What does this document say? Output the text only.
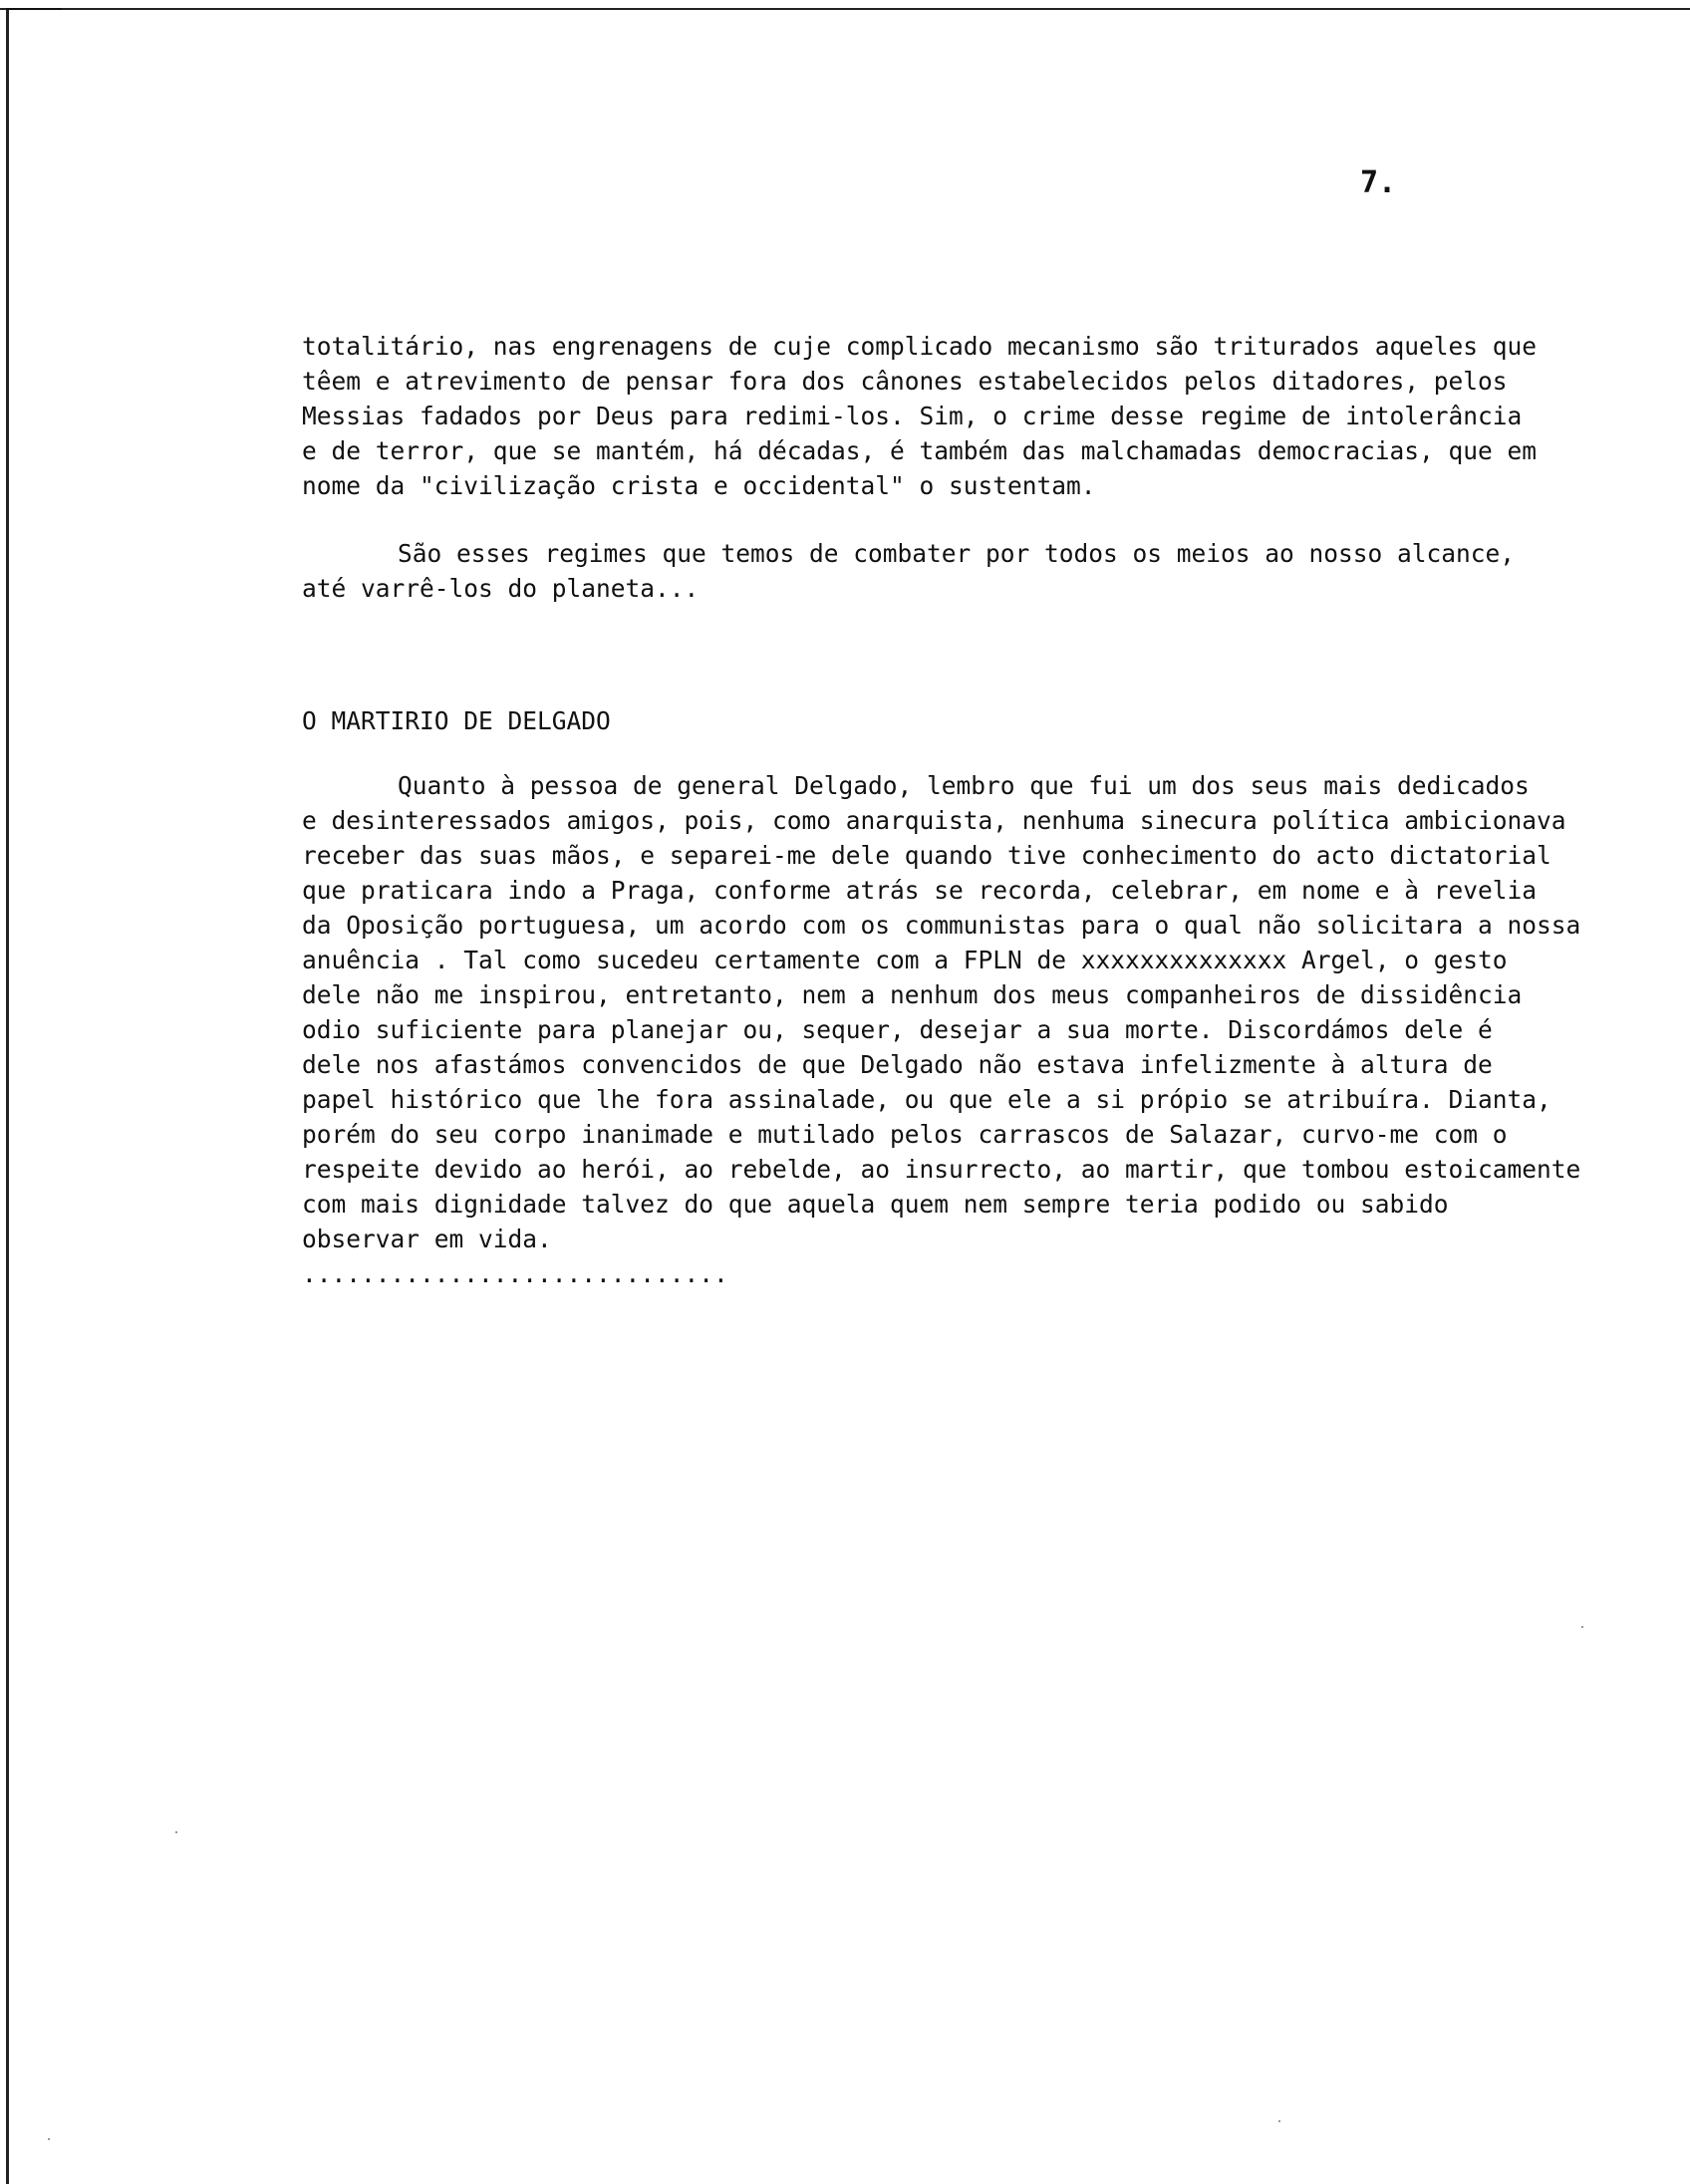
7.
totalitário, nas engrenagens de cuje complicado mecanismo são triturados aqueles que
têem e atrevimento de pensar fora dos cânones estabelecidos pelos ditadores, pelos
Messias fadados por Deus para redimi-los. Sim, o crime desse regime de intolerância
e de terror, que se mantém, há décadas, é também das malchamadas democracias, que em
nome da "civilização crista e occidental" o sustentam.
São esses regimes que temos de combater por todos os meios ao nosso alcance,
até varrê-los do planeta...
O MARTIRIO DE DELGADO
Quanto à pessoa de general Delgado, lembro que fui um dos seus mais dedicados
e desinteressados amigos, pois, como anarquista, nenhuma sinecura política ambicionava
receber das suas mãos, e separei-me dele quando tive conhecimento do acto dictatorial
que praticara indo a Praga, conforme atrás se recorda, celebrar, em nome e à revelia
da Oposição portuguesa, um acordo com os communistas para o qual não solicitara a nossa
anuência . Tal como sucedeu certamente com a FPLN de xxxxxxxxxxxxxx Argel, o gesto
dele não me inspirou, entretanto, nem a nenhum dos meus companheiros de dissidência
odio suficiente para planejar ou, sequer, desejar a sua morte. Discordámos dele é
dele nos afastámos convencidos de que Delgado não estava infelizmente à altura de
papel histórico que lhe fora assinalade, ou que ele a si própio se atribuíra. Dianta,
porém do seu corpo inanimade e mutilado pelos carrascos de Salazar, curvo-me com o
respeite devido ao herói, ao rebelde, ao insurrecto, ao martir, que tombou estoicamente
com mais dignidade talvez do que aquela quem nem sempre teria podido ou sabido
observar em vida.
.............................
